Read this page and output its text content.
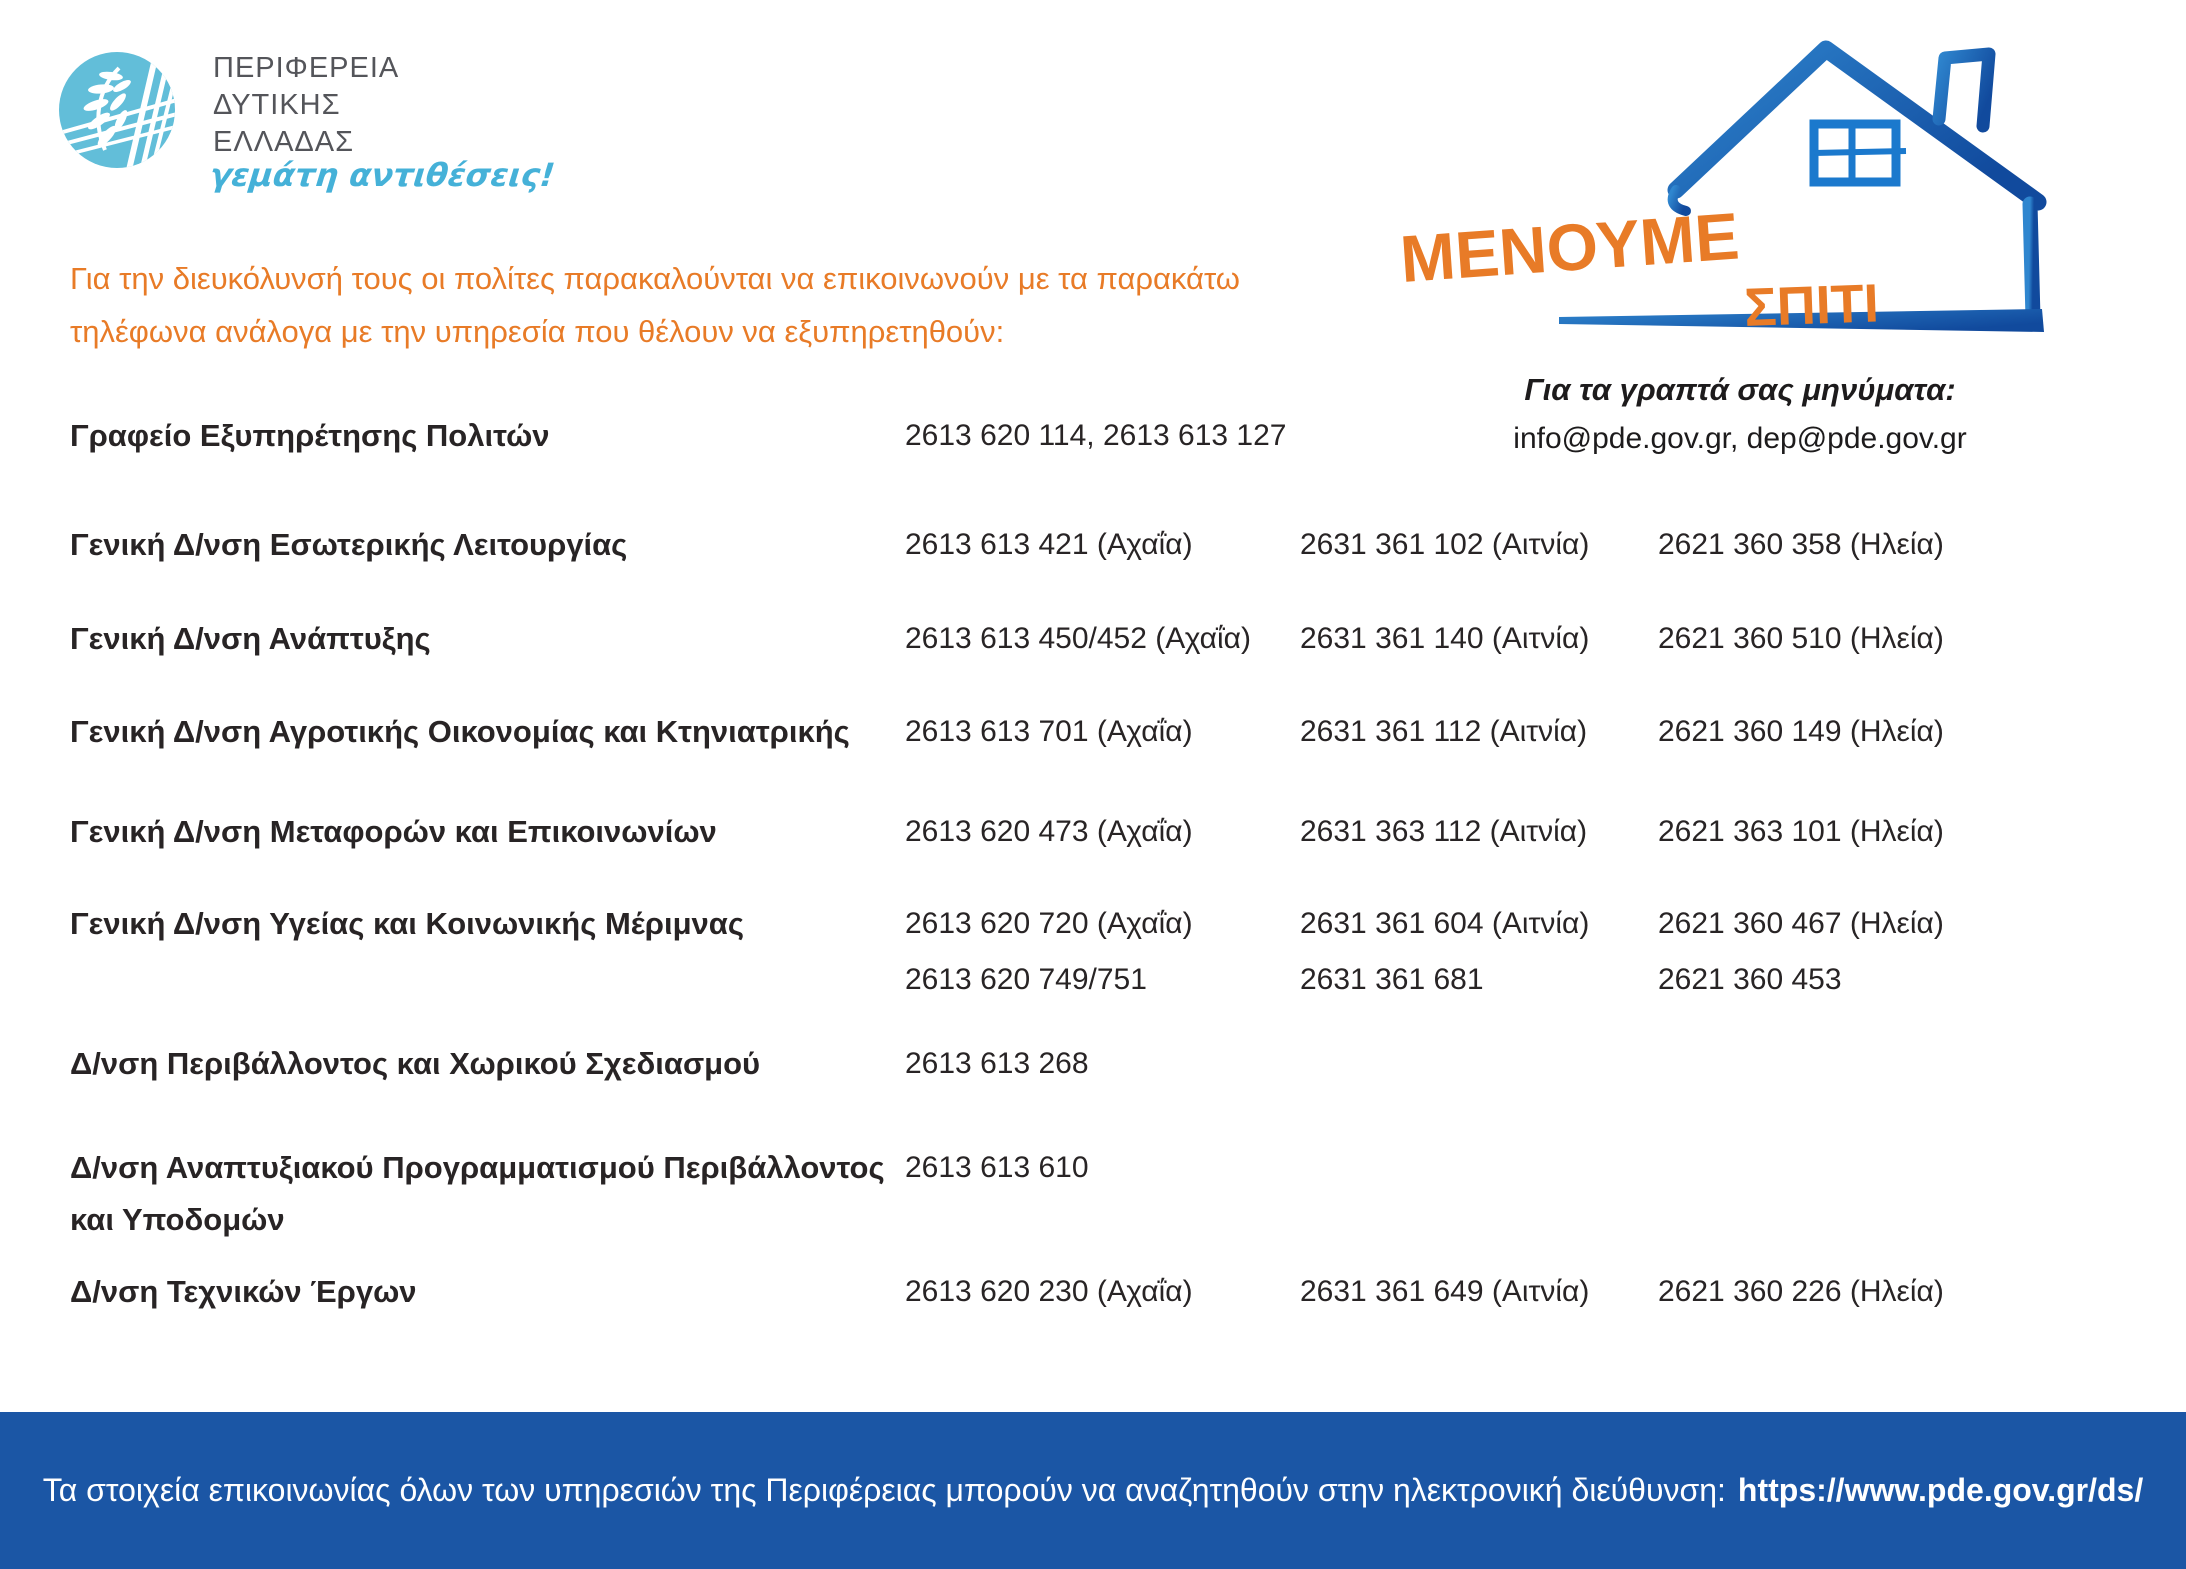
ΠΕΡΙΦΕΡΕΙΑ
ΔΥΤΙΚΗΣ
ΕΛΛΑΔΑΣ
γεμάτη αντιθέσεις!
ΜΕΝΟΥΜΕ
ΣΠΙΤΙ
Για την διευκόλυνσή τους οι πολίτες παρακαλούνται να επικοινωνούν με τα παρακάτω
τηλέφωνα ανάλογα με την υπηρεσία που θέλουν να εξυπηρετηθούν:
Για τα γραπτά σας μηνύματα:
info@pde.gov.gr, dep@pde.gov.gr
Γραφείο Εξυπηρέτησης Πολιτών	2613 620 114, 2613 613 127
Γενική Δ/νση Εσωτερικής Λειτουργίας	2613 613 421 (Αχαΐα)	2631 361 102 (Αιτνία) 2621 360 358 (Ηλεία)
Γενική Δ/νση Ανάπτυξης	2613 613 450/452 (Αχαΐα) 2631 361 140 (Αιτνία) 2621 360 510 (Ηλεία)
Γενική Δ/νση Αγροτικής Οικονομίας και Κτηνιατρικής 2613 613 701 (Αχαΐα)	2631 361 112 (Αιτνία) 2621 360 149 (Ηλεία)
Γενική Δ/νση Μεταφορών και Επικοινωνίων	2613 620 473 (Αχαΐα)	2631 363 112 (Αιτνία) 2621 363 101 (Ηλεία)
Γενική Δ/νση Υγείας και Κοινωνικής Μέριμνας	2613 620 720 (Αχαΐα)	2631 361 604 (Αιτνία) 2621 360 467 (Ηλεία)
2613 620 749/751	2631 361 681	2621 360 453
Δ/νση Περιβάλλοντος και Χωρικού Σχεδιασμού	2613 613 268
Δ/νση Αναπτυξιακού Προγραμματισμού Περιβάλλοντος 2613 613 610
και Υποδομών
Δ/νση Τεχνικών Έργων	2613 620 230 (Αχαΐα)	2631 361 649 (Αιτνία) 2621 360 226 (Ηλεία)
Τα στοιχεία επικοινωνίας όλων των υπηρεσιών της Περιφέρειας μπορούν να αναζητηθούν στην ηλεκτρονική διεύθυνση: https://www.pde.gov.gr/ds/
